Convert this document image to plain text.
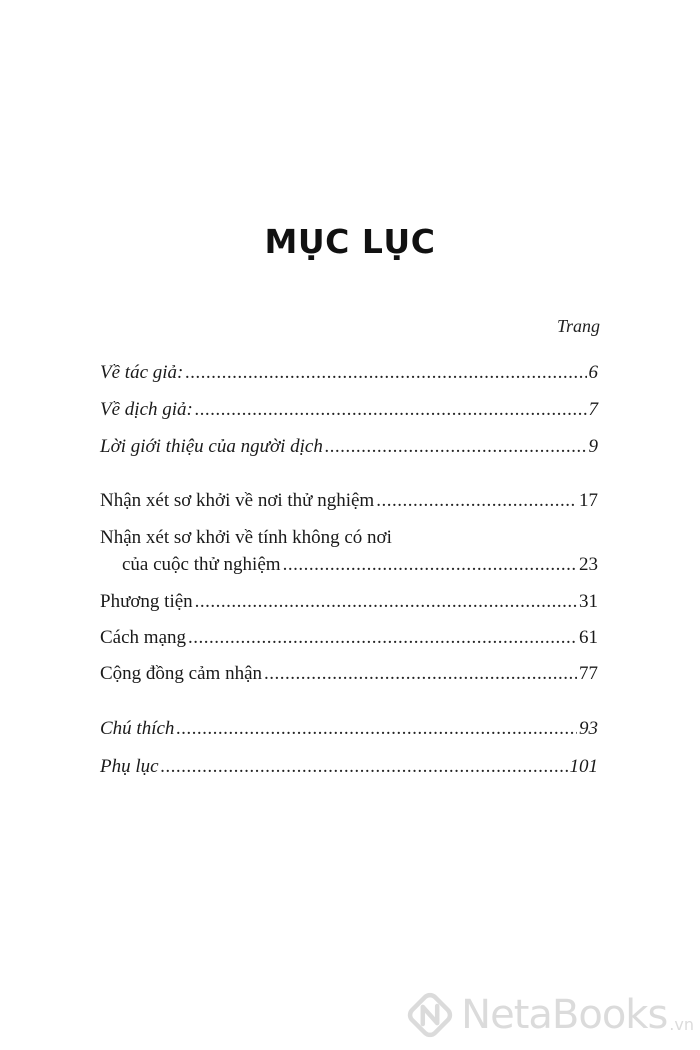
MỤC LỤC
Trang
Về tác giả: .....	6
Về dịch giả: .....	7
Lời giới thiệu của người dịch .....	9
Nhận xét sơ khởi về nơi thử nghiệm .....	17
Nhận xét sơ khởi về tính không có nơi
của cuộc thử nghiệm .....	23
Phương tiện .....	31
Cách mạng .....	61
Cộng đồng cảm nhận .....	77
Chú thích .....	93
Phụ lục .....	101
NetaBooks .vn
